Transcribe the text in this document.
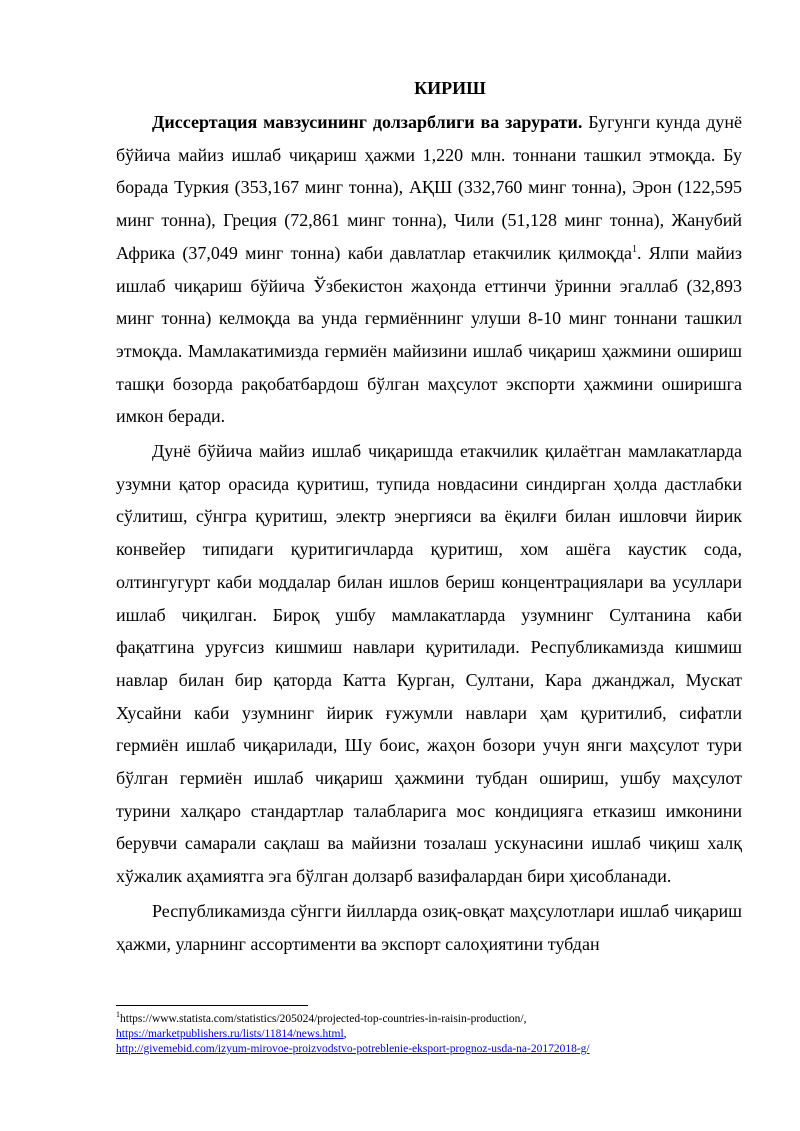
КИРИШ

Диссертация мавзусининг долзарблиги ва зарурати. Бугунги кунда дунё бўйича майиз ишлаб чиқариш ҳажми 1,220 млн. тоннани ташкил этмоқда. Бу борада Туркия (353,167 минг тонна), АҚШ (332,760 минг тонна), Эрон (122,595 минг тонна), Греция (72,861 минг тонна), Чили (51,128 минг тонна), Жанубий Африка (37,049 минг тонна) каби давлатлар етакчилик қилмоқда$^1$. Ялпи майиз ишлаб чиқариш бўйича Ўзбекистон жаҳонда еттинчи ўринни эгаллаб (32,893 минг тонна) келмоқда ва унда гермиённинг улуши 8-10 минг тоннани ташкил этмоқда. Мамлакатимизда гермиён майизини ишлаб чиқариш ҳажмини ошириш ташқи бозорда рақобатбардош бўлган маҳсулот экспорти ҳажмини оширишга имкон беради.

Дунё бўйича майиз ишлаб чиқаришда етакчилик қилаётган мамлакатларда узумни қатор орасида қуритиш, тупида новдасини синдирган ҳолда дастлабки сўлитиш, сўнгра қуритиш, электр энергияси ва ёқилғи билан ишловчи йирик конвейер типидаги қуритигичларда қуритиш, хом ашёга каустик сода, олтингугурт каби моддалар билан ишлов бериш концентрациялари ва усуллари ишлаб чиқилган. Бироқ ушбу мамлакатларда узумнинг Султанина каби фақатгина уруғсиз кишмиш навлари қуритилади. Республикамизда кишмиш навлар билан бир қаторда Катта Курган, Султани, Кара джанджал, Мускат Хусайни каби узумнинг йирик ғужумли навлари ҳам қуритилиб, сифатли гермиён ишлаб чиқарилади, Шу боис, жаҳон бозори учун янги маҳсулот тури бўлган гермиён ишлаб чиқариш ҳажмини тубдан ошириш, ушбу маҳсулот турини халқаро стандартлар талабларига мос кондицияга етказиш имконини берувчи самарали сақлаш ва майизни тозалаш ускунасини ишлаб чиқиш халқ хўжалик аҳамиятга эга бўлган долзарб вазифалардан бири ҳисобланади.

Республикамизда сўнгги йилларда озиқ-овқат маҳсулотлари ишлаб чиқариш ҳажми, уларнинг ассортименти ва экспорт салоҳиятини тубдан

$^1$https://www.statista.com/statistics/205024/projected-top-countries-in-raisin-production/,
https://marketpublishers.ru/lists/11814/news.html,
http://givemebid.com/izyum-mirovoe-proizvodstvo-potreblenie-eksport-prognoz-usda-na-20172018-g/
